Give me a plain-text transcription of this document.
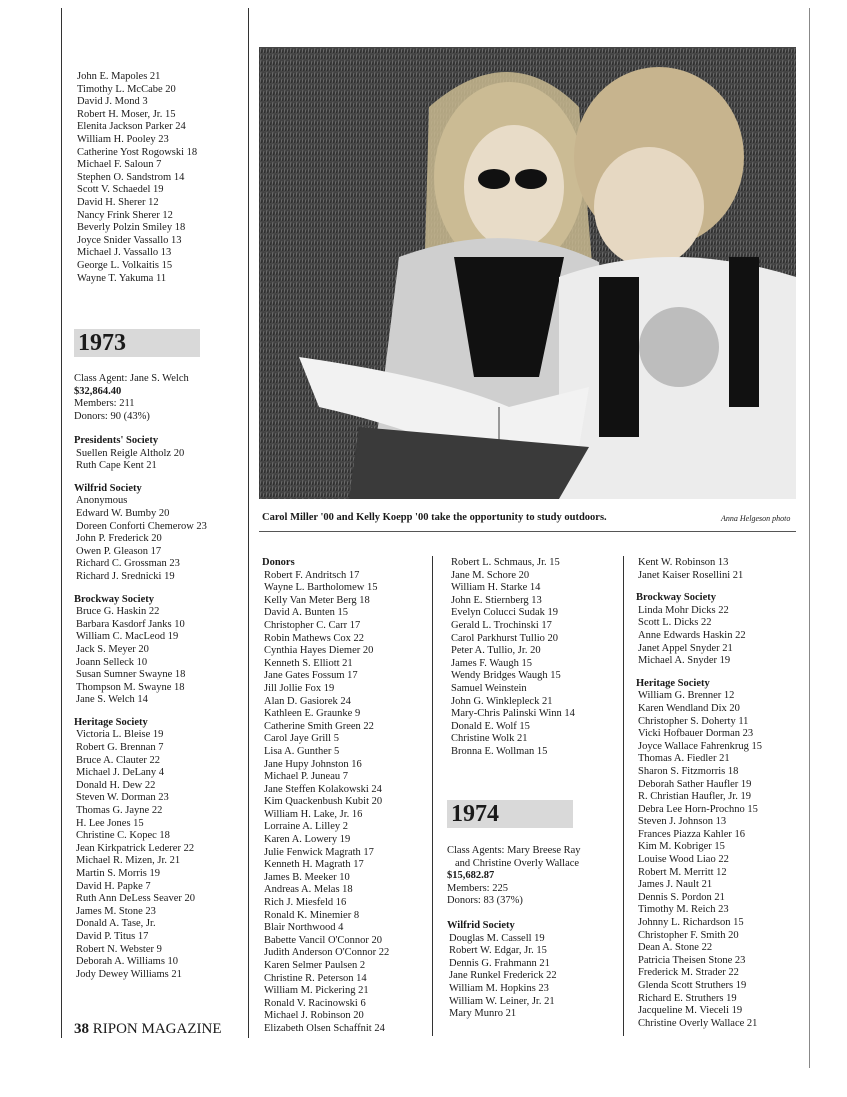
John E. Mapoles 21
Timothy L. McCabe 20
David J. Mond 3
Robert H. Moser, Jr. 15
Elenita Jackson Parker 24
William H. Pooley 23
Catherine Yost Rogowski 18
Michael F. Saloun 7
Stephen O. Sandstrom 14
Scott V. Schaedel 19
David H. Sherer 12
Nancy Frink Sherer 12
Beverly Polzin Smiley 18
Joyce Snider Vassallo 13
Michael J. Vassallo 13
George L. Volkaitis 15
Wayne T. Yakuma 11
1973
Class Agent: Jane S. Welch
$32,864.40
Members: 211
Donors: 90 (43%)
Presidents' Society
Suellen Reigle Altholz 20
Ruth Cape Kent 21
Wilfrid Society
Anonymous
Edward W. Bumby 20
Doreen Conforti Chemerow 23
John P. Frederick 20
Owen P. Gleason 17
Richard C. Grossman 23
Richard J. Srednicki 19
Brockway Society
Bruce G. Haskin 22
Barbara Kasdorf Janks 10
William C. MacLeod 19
Jack S. Meyer 20
Joann Selleck 10
Susan Sumner Swayne 18
Thompson M. Swayne 18
Jane S. Welch 14
Heritage Society
Victoria L. Bleise 19
Robert G. Brennan 7
Bruce A. Clauter 22
Michael J. DeLany 4
Donald H. Dew 22
Steven W. Dorman 23
Thomas G. Jayne 22
H. Lee Jones 15
Christine C. Kopec 18
Jean Kirkpatrick Lederer 22
Michael R. Mizen, Jr. 21
Martin S. Morris 19
David H. Papke 7
Ruth Ann DeLess Seaver 20
James M. Stone 23
Donald A. Tase, Jr.
David P. Titus 17
Robert N. Webster 9
Deborah A. Williams 10
Jody Dewey Williams 21
Carol Miller '00 and Kelly Koepp '00 take the opportunity to study outdoors.	Anna Helgeson photo
Donors
Robert F. Andritsch 17
Wayne L. Bartholomew 15
Kelly Van Meter Berg 18
David A. Bunten 15
Christopher C. Carr 17
Robin Mathews Cox 22
Cynthia Hayes Diemer 20
Kenneth S. Elliott 21
Jane Gates Fossum 17
Jill Jollie Fox 19
Alan D. Gasiorek 24
Kathleen E. Graunke 9
Catherine Smith Green 22
Carol Jaye Grill 5
Lisa A. Gunther 5
Jane Hupy Johnston 16
Michael P. Juneau 7
Jane Steffen Kolakowski 24
Kim Quackenbush Kubit 20
William H. Lake, Jr. 16
Lorraine A. Lilley 2
Karen A. Lowery 19
Julie Fenwick Magrath 17
Kenneth H. Magrath 17
James B. Meeker 10
Andreas A. Melas 18
Rich J. Miesfeld 16
Ronald K. Minemier 8
Blair Northwood 4
Babette Vancil O'Connor 20
Judith Anderson O'Connor 22
Karen Selmer Paulsen 2
Christine R. Peterson 14
William M. Pickering 21
Ronald V. Racinowski 6
Michael J. Robinson 20
Elizabeth Olsen Schaffnit 24
Robert L. Schmaus, Jr. 15
Jane M. Schore 20
William H. Starke 14
John E. Stiernberg 13
Evelyn Colucci Sudak 19
Gerald L. Trochinski 17
Carol Parkhurst Tullio 20
Peter A. Tullio, Jr. 20
James F. Waugh 15
Wendy Bridges Waugh 15
Samuel Weinstein
John G. Winklepleck 21
Mary-Chris Palinski Winn 14
Donald E. Wolf 15
Christine Wolk 21
Bronna E. Wollman 15
1974
Class Agents: Mary Breese Ray
and Christine Overly Wallace
$15,682.87
Members: 225
Donors: 83 (37%)
Wilfrid Society
Douglas M. Cassell 19
Robert W. Edgar, Jr. 15
Dennis G. Frahmann 21
Jane Runkel Frederick 22
William M. Hopkins 23
William W. Leiner, Jr. 21
Mary Munro 21
Kent W. Robinson 13
Janet Kaiser Rosellini 21
Brockway Society
Linda Mohr Dicks 22
Scott L. Dicks 22
Anne Edwards Haskin 22
Janet Appel Snyder 21
Michael A. Snyder 19
Heritage Society
William G. Brenner 12
Karen Wendland Dix 20
Christopher S. Doherty 11
Vicki Hofbauer Dorman 23
Joyce Wallace Fahrenkrug 15
Thomas A. Fiedler 21
Sharon S. Fitzmorris 18
Deborah Sather Haufler 19
R. Christian Haufler, Jr. 19
Debra Lee Horn-Prochno 15
Steven J. Johnson 13
Frances Piazza Kahler 16
Kim M. Kobriger 15
Louise Wood Liao 22
Robert M. Merritt 12
James J. Nault 21
Dennis S. Pordon 21
Timothy M. Reich 23
Johnny L. Richardson 15
Christopher F. Smith 20
Dean A. Stone 22
Patricia Theisen Stone 23
Frederick M. Strader 22
Glenda Scott Struthers 19
Richard E. Struthers 19
Jacqueline M. Vieceli 19
Christine Overly Wallace 21
38 RIPON MAGAZINE
